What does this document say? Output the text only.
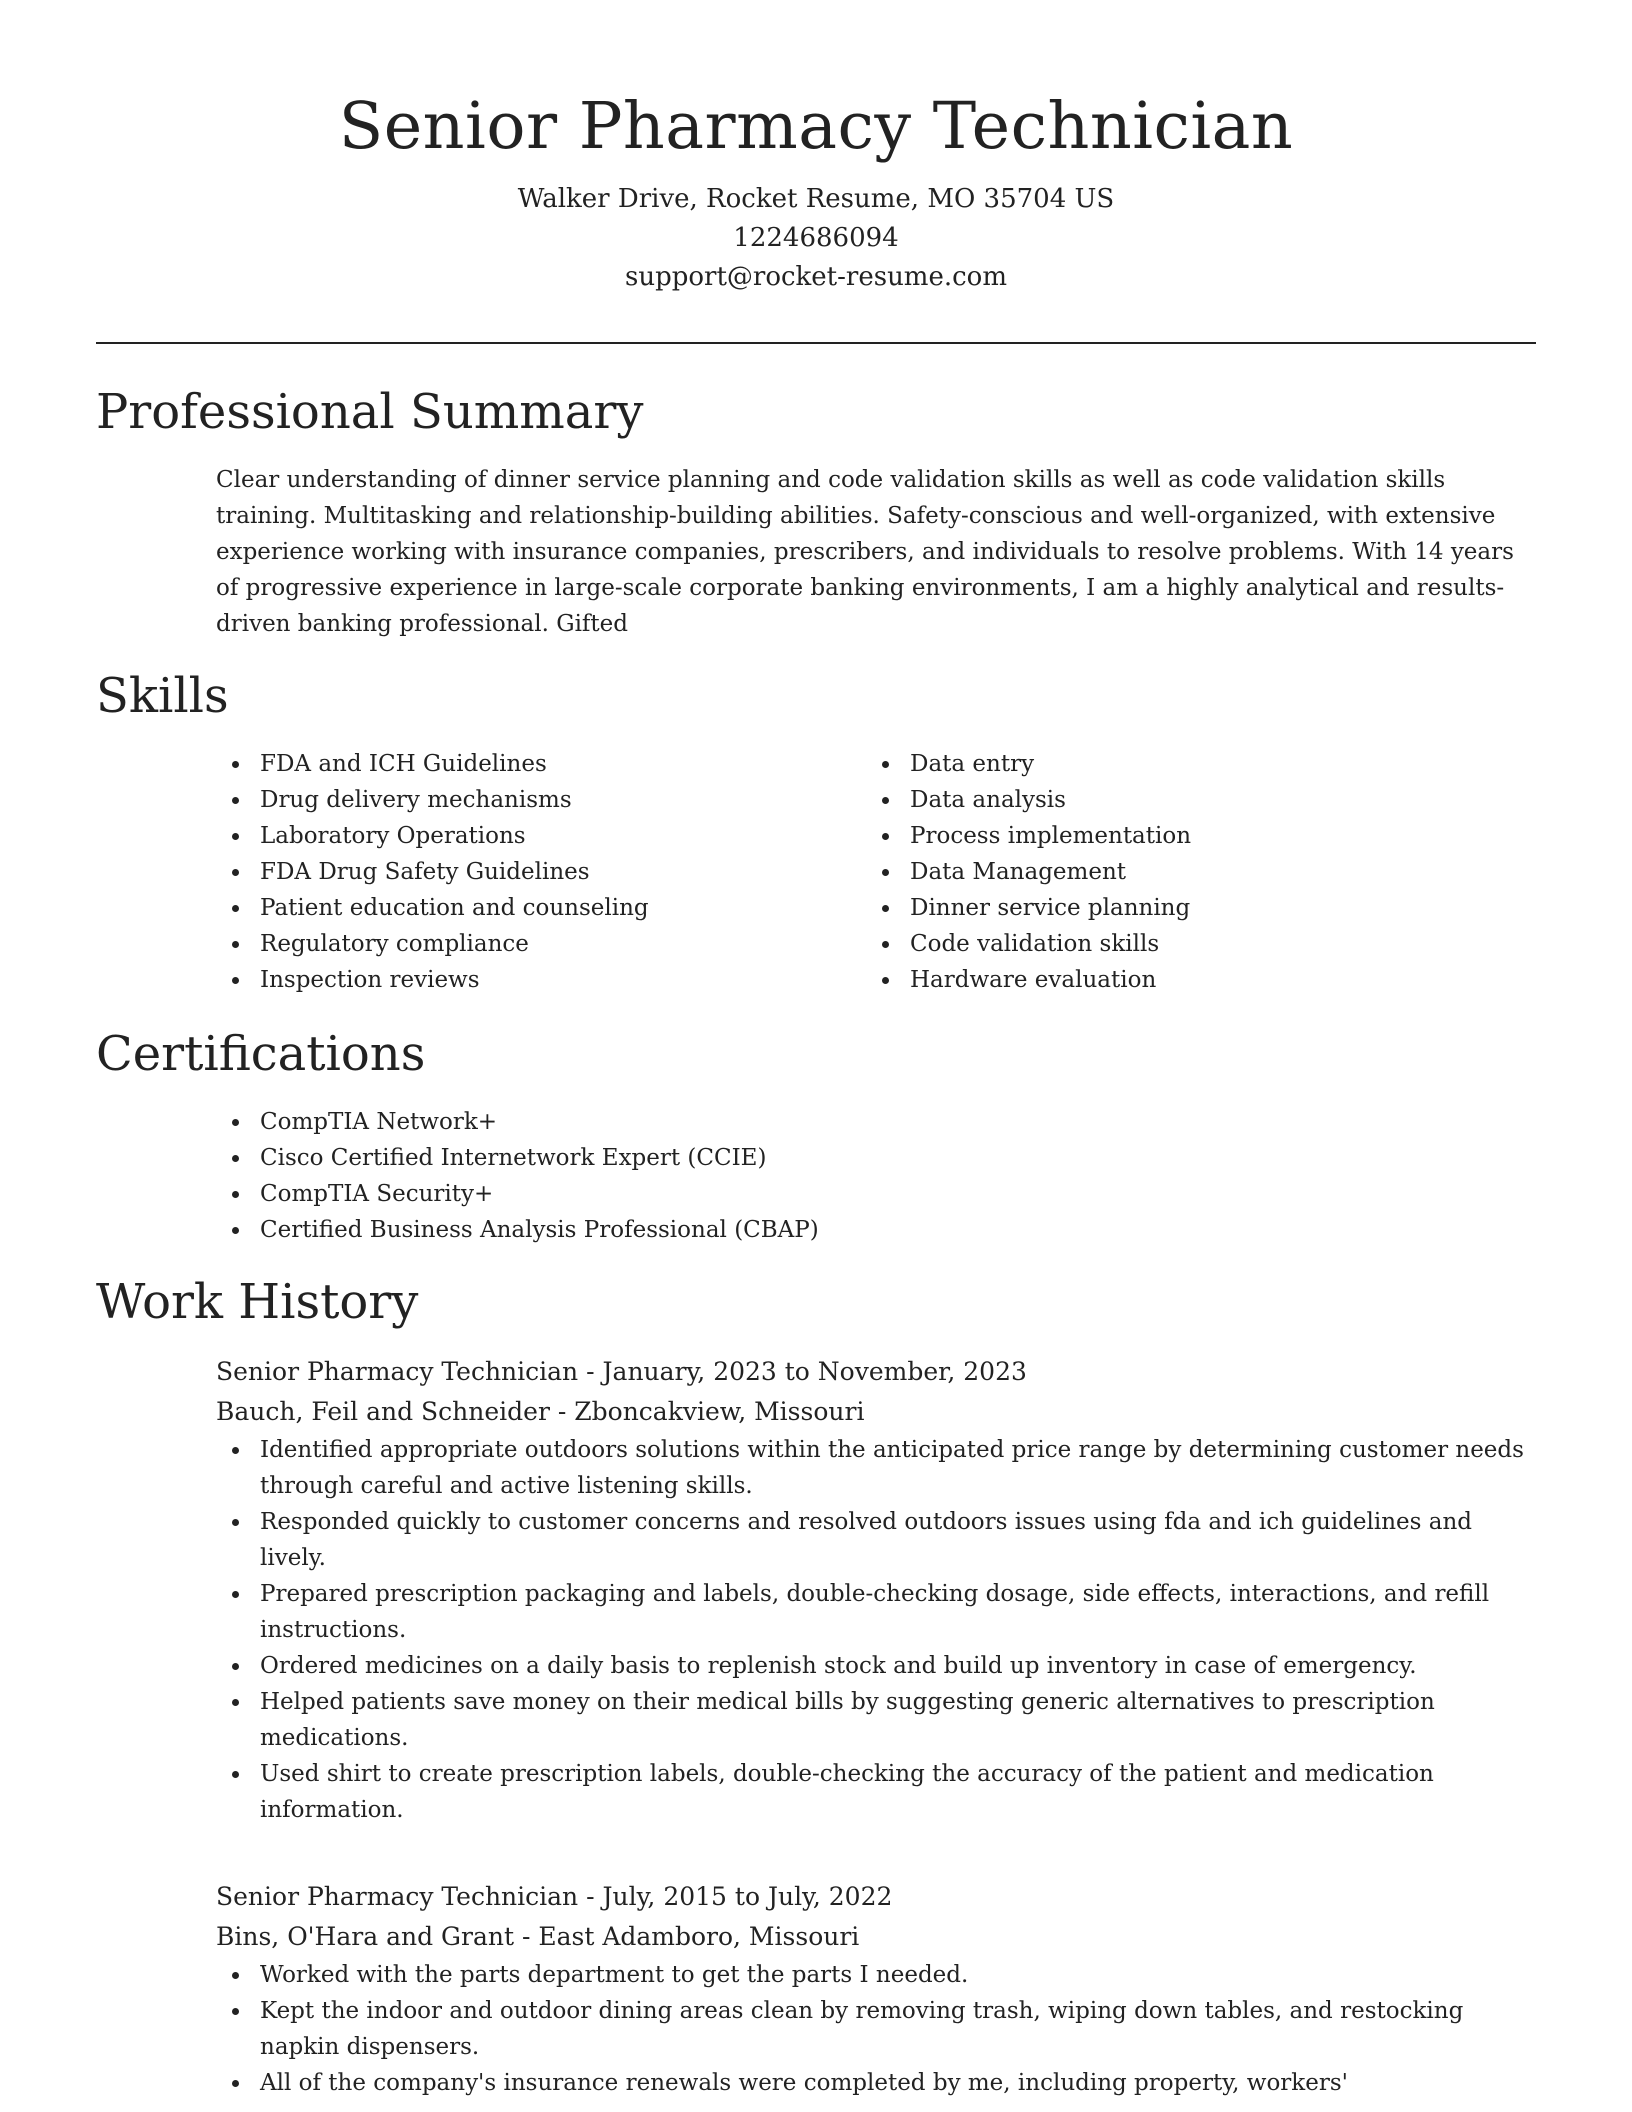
Senior Pharmacy Technician

Walker Drive, Rocket Resume, MO 35704 US

1224686094

support@rocket-resume.com

Professional Summary

Clear understanding of dinner service planning and code validation skills as well as code validation skills training. Multitasking and relationship-building abilities. Safety-conscious and well-organized, with extensive experience working with insurance companies, prescribers, and individuals to resolve problems. With 14 years of progressive experience in large-scale corporate banking environments, I am a highly analytical and results-driven banking professional. Gifted

Skills
FDA and ICH Guidelines
Drug delivery mechanisms
Laboratory Operations
FDA Drug Safety Guidelines
Patient education and counseling
Regulatory compliance
Inspection reviews
Data entry
Data analysis
Process implementation
Data Management
Dinner service planning
Code validation skills
Hardware evaluation
Certifications
CompTIA Network+
Cisco Certified Internetwork Expert (CCIE)
CompTIA Security+
Certified Business Analysis Professional (CBAP)
Work History

Senior Pharmacy Technician - January, 2023 to November, 2023

Bauch, Feil and Schneider - Zboncakview, Missouri

Identified appropriate outdoors solutions within the anticipated price range by determining customer needs through careful and active listening skills.
Responded quickly to customer concerns and resolved outdoors issues using fda and ich guidelines and lively.
Prepared prescription packaging and labels, double-checking dosage, side effects, interactions, and refill instructions.
Ordered medicines on a daily basis to replenish stock and build up inventory in case of emergency.
Helped patients save money on their medical bills by suggesting generic alternatives to prescription medications.
Used shirt to create prescription labels, double-checking the accuracy of the patient and medication information.

Senior Pharmacy Technician - July, 2015 to July, 2022

Bins, O'Hara and Grant - East Adamboro, Missouri

Worked with the parts department to get the parts I needed.
Kept the indoor and outdoor dining areas clean by removing trash, wiping down tables, and restocking napkin dispensers.
All of the company's insurance renewals were completed by me, including property, workers'
